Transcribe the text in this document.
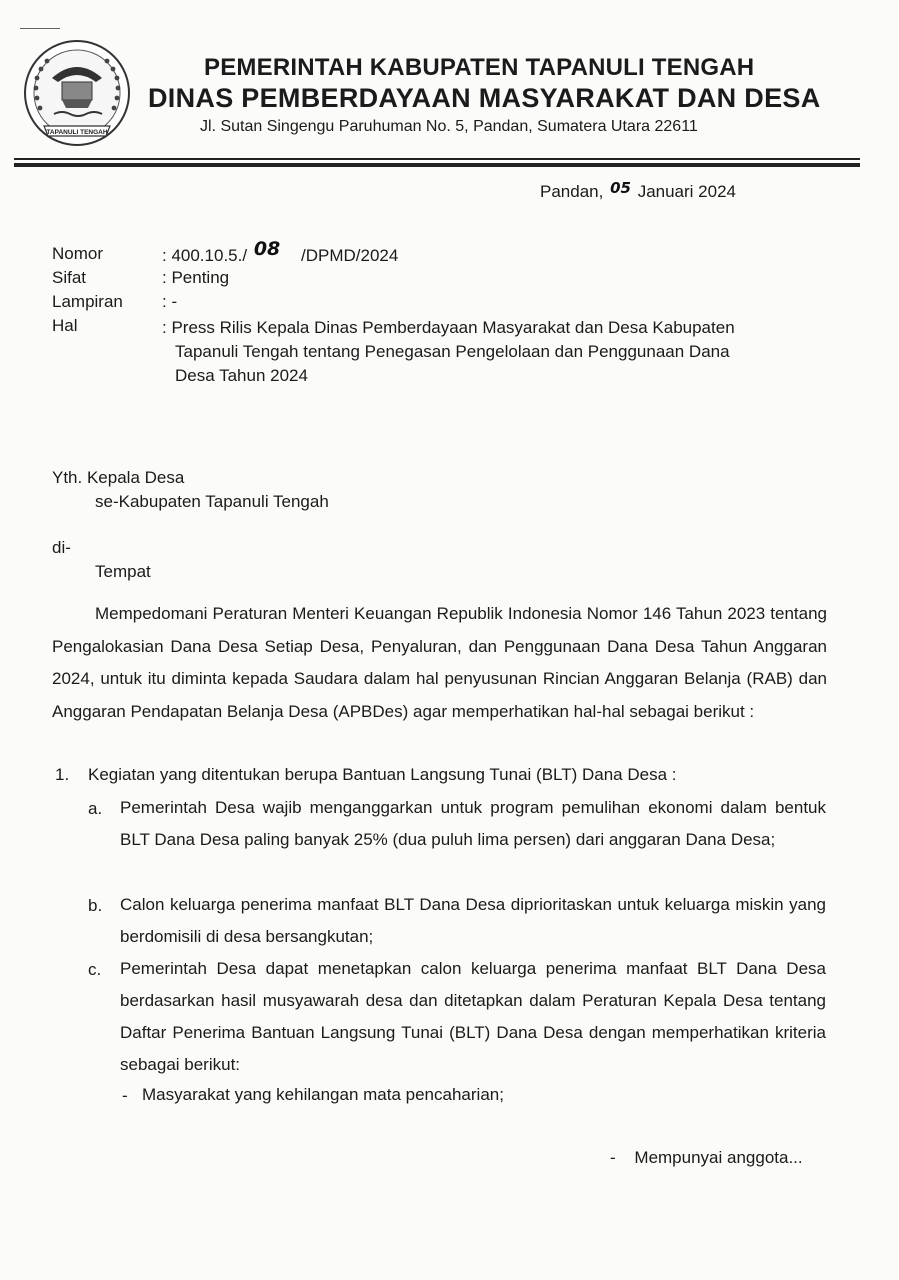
TAPANULI TENGAH
PEMERINTAH KABUPATEN TAPANULI TENGAH
DINAS PEMBERDAYAAN MASYARAKAT DAN DESA
Jl. Sutan Singengu Paruhuman No. 5, Pandan, Sumatera Utara 22611
Pandan, 05 Januari 2024
Nomor	: 400.10.5./ 08 /DPMD/2024
Sifat	: Penting
Lampiran : -
Hal	: Press Rilis Kepala Dinas Pemberdayaan Masyarakat dan Desa Kabupaten
Tapanuli Tengah tentang Penegasan Pengelolaan dan Penggunaan Dana
Desa Tahun 2024
Yth. Kepala Desa
se-Kabupaten Tapanuli Tengah
di-
Tempat
Mempedomani Peraturan Menteri Keuangan Republik Indonesia Nomor 146 Tahun 2023 tentang Pengalokasian Dana Desa Setiap Desa, Penyaluran, dan Penggunaan Dana Desa Tahun Anggaran 2024, untuk itu diminta kepada Saudara dalam hal penyusunan Rincian Anggaran Belanja (RAB) dan Anggaran Pendapatan Belanja Desa (APBDes) agar memperhatikan hal-hal sebagai berikut :
1. Kegiatan yang ditentukan berupa Bantuan Langsung Tunai (BLT) Dana Desa :
a. Pemerintah Desa wajib menganggarkan untuk program pemulihan ekonomi dalam bentuk BLT Dana Desa paling banyak 25% (dua puluh lima persen) dari anggaran Dana Desa;
b. Calon keluarga penerima manfaat BLT Dana Desa diprioritaskan untuk keluarga miskin yang berdomisili di desa bersangkutan;
c. Pemerintah Desa dapat menetapkan calon keluarga penerima manfaat BLT Dana Desa berdasarkan hasil musyawarah desa dan ditetapkan dalam Peraturan Kepala Desa tentang Daftar Penerima Bantuan Langsung Tunai (BLT) Dana Desa dengan memperhatikan kriteria sebagai berikut:
- Masyarakat yang kehilangan mata pencaharian;
- Mempunyai anggota...
